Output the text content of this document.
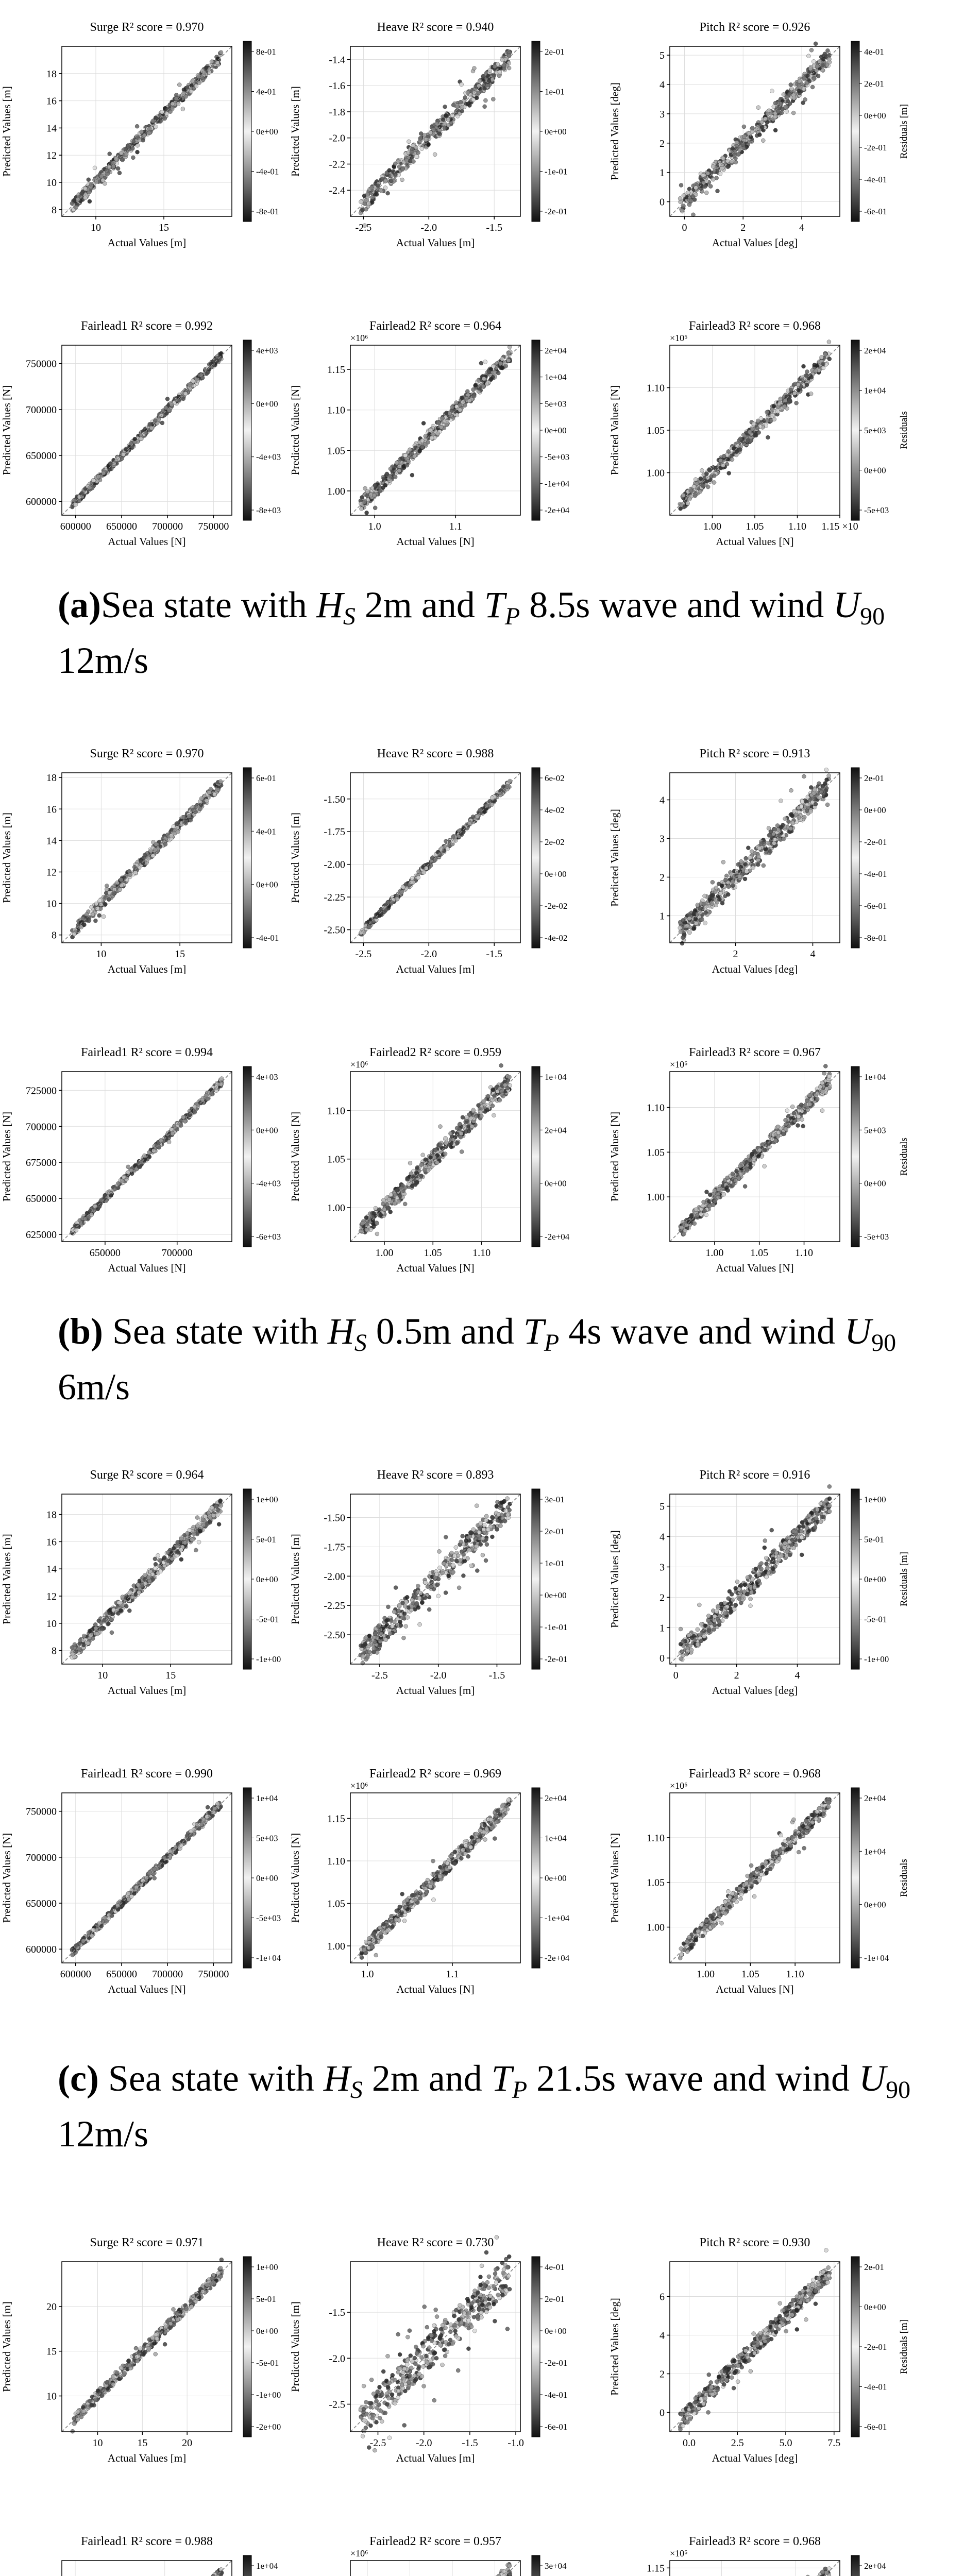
10	15
8
10
12
14
16
18
Surge R² score = 0.970
Actual Values [m]
Predicted Values [m]
8e-01
4e-01
0e+00
-4e-01
-8e-01
-2.5	-2.0	-1.5
-2.4
-2.2
-2.0
-1.8
-1.6
-1.4
Heave R² score = 0.940
Actual Values [m]
Predicted Values [m]
2e-01
1e-01
0e+00
-1e-01
-2e-01
0	2	4
0
1
2
3
4
5
Pitch R² score = 0.926
Actual Values [deg]
Predicted Values [deg]
4e-01
2e-01
0e+00
-2e-01
-4e-01
-6e-01
Residuals [m]
600000 650000 700000 750000
600000
650000
700000
750000
Fairlead1 R² score = 0.992
Actual Values [N]
Predicted Values [N]
4e+03
0e+00
-4e+03
-8e+03
1.0	1.1
1.00
1.05
1.10
1.15
×10⁶
Fairlead2 R² score = 0.964
Actual Values [N]
Predicted Values [N]
2e+04
1e+04
5e+03
0e+00
-5e+03
-1e+04
-2e+04
1.00 1.05 1.10 1.15 ×10
1.00
1.05
1.10
×10⁶
Fairlead3 R² score = 0.968
Actual Values [N]
Predicted Values [N]
2e+04
1e+04
5e+03
0e+00
-5e+03
Residuals
(a)Sea state with $H_S$ 2m and $T_P$ 8.5s wave and wind $U_{90}$ 12m/s
10	15
8
10
12
14
16
18
Surge R² score = 0.970
Actual Values [m]
Predicted Values [m]
6e-01
4e-01
0e+00
-4e-01
-2.5	-2.0	-1.5
-2.50
-2.25
-2.00
-1.75
-1.50
Heave R² score = 0.988
Actual Values [m]
Predicted Values [m]
6e-02
4e-02
2e-02
0e+00
-2e-02
-4e-02
2	4
1
2
3
4
Pitch R² score = 0.913
Actual Values [deg]
Predicted Values [deg]
2e-01
0e+00
-2e-01
-4e-01
-6e-01
-8e-01
650000	700000
625000
650000
675000
700000
725000
Fairlead1 R² score = 0.994
Actual Values [N]
Predicted Values [N]
4e+03
0e+00
-4e+03
-6e+03
1.00	1.05	1.10
1.00
1.05
1.10
×10⁶
Fairlead2 R² score = 0.959
Actual Values [N]
Predicted Values [N]
1e+04
2e+04
0e+00
-2e+04
1.00	1.05	1.10
1.00
1.05
1.10
×10⁶
Fairlead3 R² score = 0.967
Actual Values [N]
Predicted Values [N]
1e+04
5e+03
0e+00
-5e+03
Residuals
(b) Sea state with $H_S$ 0.5m and $T_P$ 4s wave and wind $U_{90}$ 6m/s
10	15
8
10
12
14
16
18
Surge R² score = 0.964
Actual Values [m]
Predicted Values [m]
1e+00
5e-01
0e+00
-5e-01
-1e+00
-2.5	-2.0	-1.5
-2.50
-2.25
-2.00
-1.75
-1.50
Heave R² score = 0.893
Actual Values [m]
Predicted Values [m]
3e-01
2e-01
1e-01
0e+00
-1e-01
-2e-01
0	2	4
0
1
2
3
4
5
Pitch R² score = 0.916
Actual Values [deg]
Predicted Values [deg]
1e+00
5e-01
0e+00
-5e-01
-1e+00
Residuals [m]
600000 650000 700000 750000
600000
650000
700000
750000
Fairlead1 R² score = 0.990
Actual Values [N]
Predicted Values [N]
1e+04
5e+03
0e+00
-5e+03
-1e+04
1.0	1.1
1.00
1.05
1.10
1.15
×10⁶
Fairlead2 R² score = 0.969
Actual Values [N]
Predicted Values [N]
2e+04
1e+04
0e+00
-1e+04
-2e+04
1.00	1.05	1.10
1.00
1.05
1.10
×10⁶
Fairlead3 R² score = 0.968
Actual Values [N]
Predicted Values [N]
2e+04
1e+04
0e+00
-1e+04
Residuals
(c) Sea state with $H_S$ 2m and $T_P$ 21.5s wave and wind $U_{90}$ 12m/s
10	15	20
10
15
20
Surge R² score = 0.971
Actual Values [m]
Predicted Values [m]
1e+00
5e-01
0e+00
-5e-01
-1e+00
-2e+00
-2.5	-2.0	-1.5	-1.0
-2.5
-2.0
-1.5
Heave R² score = 0.730
Actual Values [m]
Predicted Values [m]
4e-01
2e-01
0e+00
-2e-01
-4e-01
-6e-01
0.0	2.5	5.0	7.5
0
2
4
6
Pitch R² score = 0.930
Actual Values [deg]
Predicted Values [deg]
2e-01
0e+00
-2e-01
-4e-01
-6e-01
Residuals [m]
Fairlead1 R² score = 0.988
1e+04
×10⁶
Fairlead2 R² score = 0.957
3e+04	1.15
×10⁶
Fairlead3 R² score = 0.968
2e+04
